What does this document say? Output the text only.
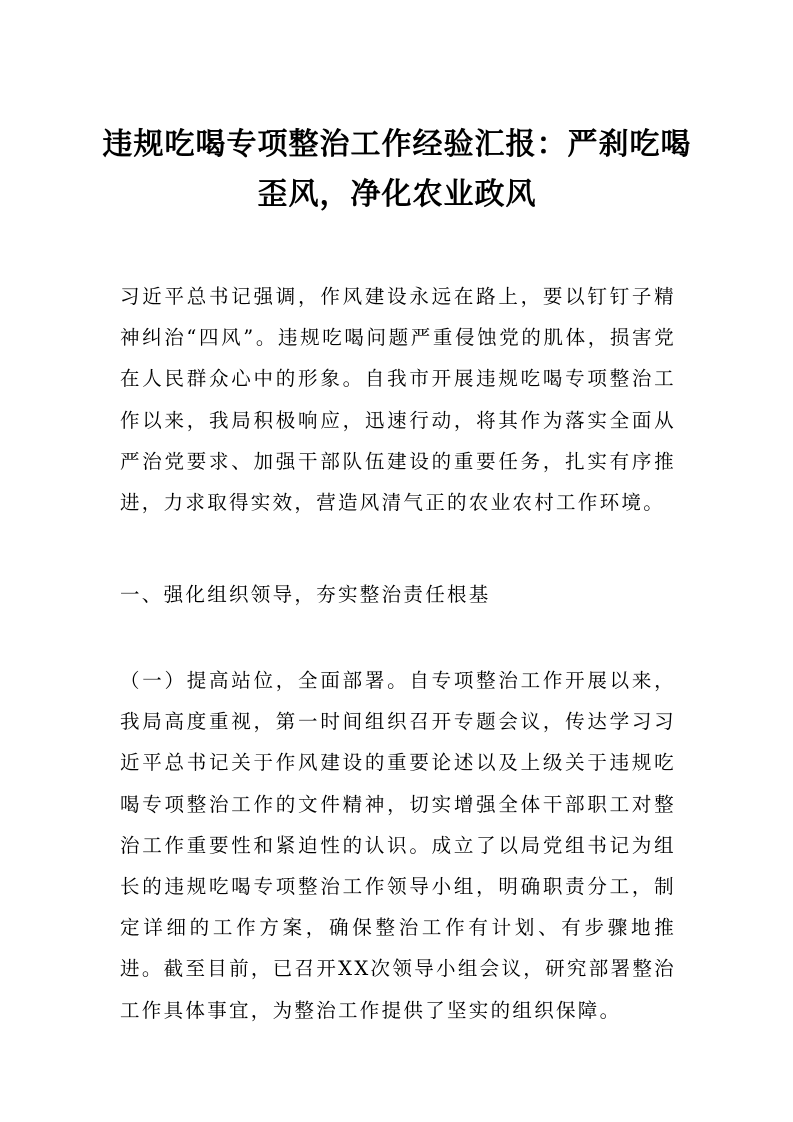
违规吃喝专项整治工作经验汇报：严刹吃喝
歪风，净化农业政风

习近平总书记强调，作风建设永远在路上，要以钉钉子精神纠治“四风”。违规吃喝问题严重侵蚀党的肌体，损害党在人民群众心中的形象。自我市开展违规吃喝专项整治工作以来，我局积极响应，迅速行动，将其作为落实全面从严治党要求、加强干部队伍建设的重要任务，扎实有序推进，力求取得实效，营造风清气正的农业农村工作环境。

一、强化组织领导，夯实整治责任根基

（一）提高站位，全面部署。自专项整治工作开展以来，我局高度重视，第一时间组织召开专题会议，传达学习习近平总书记关于作风建设的重要论述以及上级关于违规吃喝专项整治工作的文件精神，切实增强全体干部职工对整治工作重要性和紧迫性的认识。成立了以局党组书记为组长的违规吃喝专项整治工作领导小组，明确职责分工，制定详细的工作方案，确保整治工作有计划、有步骤地推进。截至目前，已召开XX次领导小组会议，研究部署整治工作具体事宜，为整治工作提供了坚实的组织保障。
